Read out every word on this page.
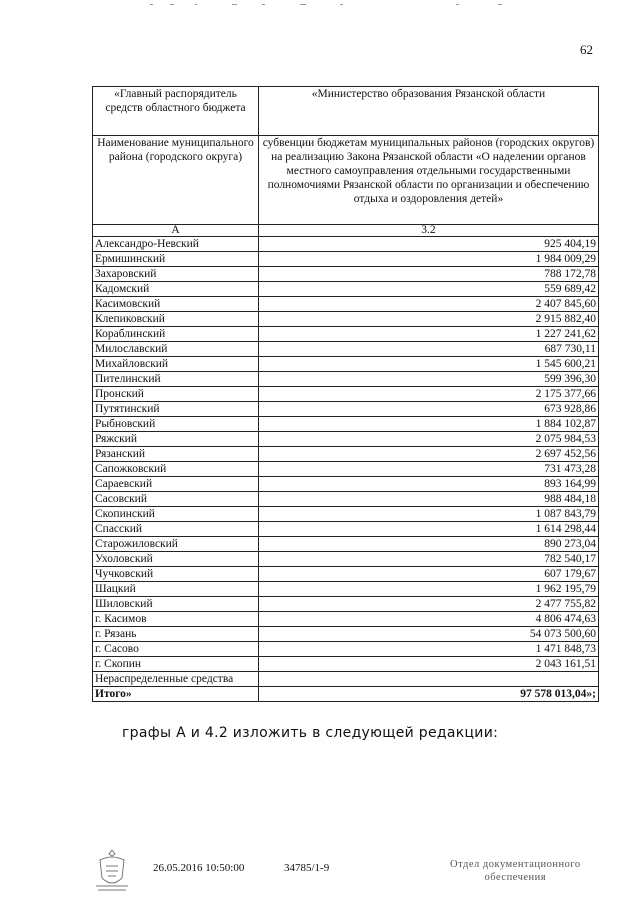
62
«Главный распорядитель средств областного бюджета	«Министерство образования Рязанской области
Наименование муниципального района (городского округа)	субвенции бюджетам муниципальных районов (городских округов) на реализацию Закона Рязанской области «О наделении органов местного самоуправления отдельными государственными полномочиями Рязанской области по организации и обеспечению отдыха и оздоровления детей»
А	3.2
Александро-Невский	925 404,19
Ермишинский	1 984 009,29
Захаровский	788 172,78
Кадомский	559 689,42
Касимовский	2 407 845,60
Клепиковский	2 915 882,40
Кораблинский	1 227 241,62
Милославский	687 730,11
Михайловский	1 545 600,21
Пителинский	599 396,30
Пронский	2 175 377,66
Путятинский	673 928,86
Рыбновский	1 884 102,87
Ряжский	2 075 984,53
Рязанский	2 697 452,56
Сапожковский	731 473,28
Сараевский	893 164,99
Сасовский	988 484,18
Скопинский	1 087 843,79
Спасский	1 614 298,44
Старожиловский	890 273,04
Ухоловский	782 540,17
Чучковский	607 179,67
Шацкий	1 962 195,79
Шиловский	2 477 755,82
г. Касимов	4 806 474,63
г. Рязань	54 073 500,60
г. Сасово	1 471 848,73
г. Скопин	2 043 161,51
Нераспределенные средства	
Итого»	97 578 013,04»;
графы А и 4.2 изложить в следующей редакции:
26.05.2016 10:50:00	34785/1-9	Отдел документационного
обеспечения
